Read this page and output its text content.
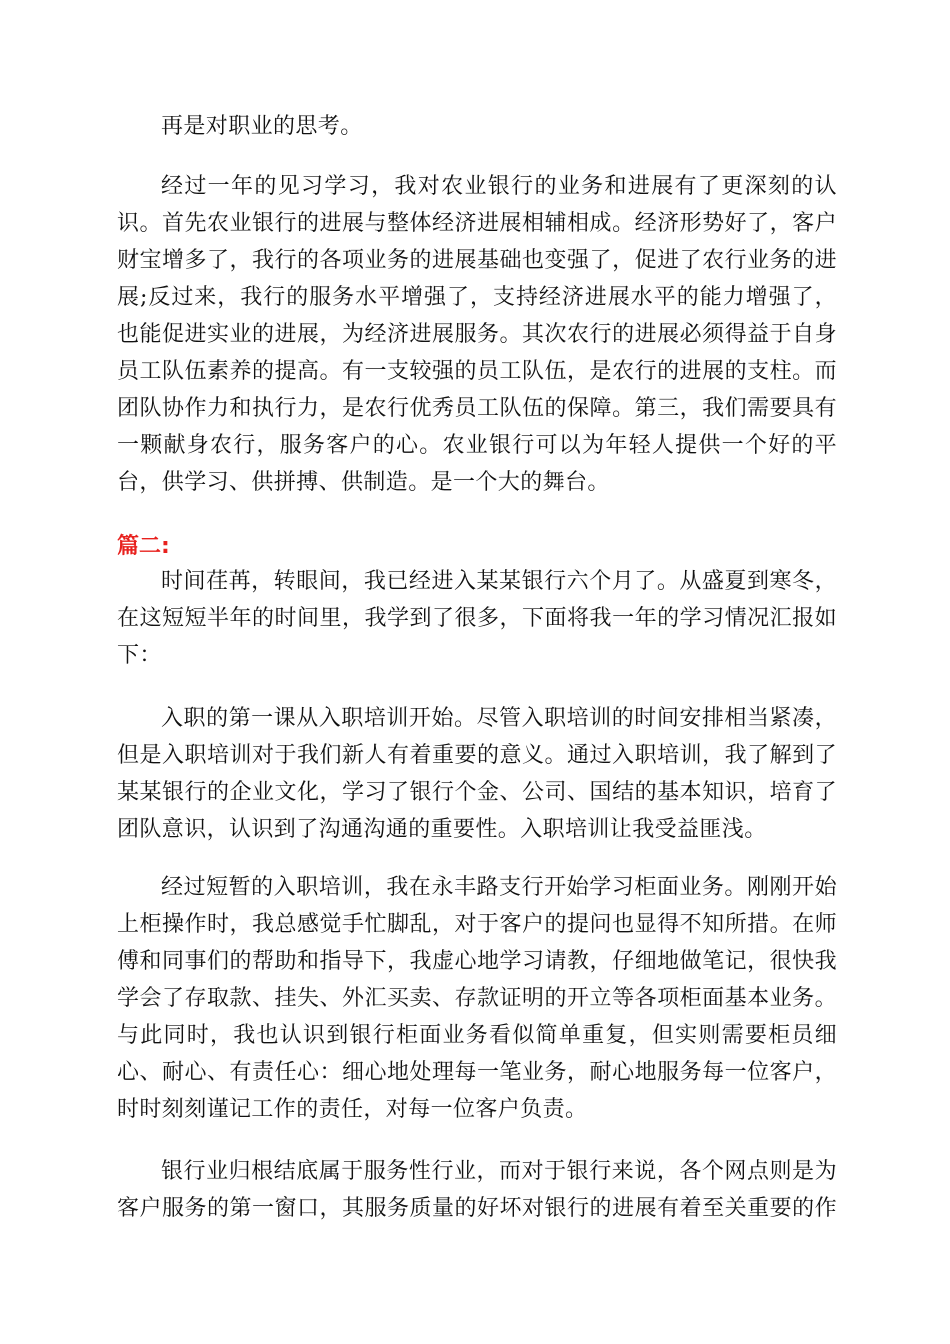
再是对职业的思考。
经过一年的见习学习，我对农业银行的业务和进展有了更深刻的认
识。首先农业银行的进展与整体经济进展相辅相成。经济形势好了，客户
财宝增多了，我行的各项业务的进展基础也变强了，促进了农行业务的进
展;反过来，我行的服务水平增强了，支持经济进展水平的能力增强了，
也能促进实业的进展，为经济进展服务。其次农行的进展必须得益于自身
员工队伍素养的提高。有一支较强的员工队伍，是农行的进展的支柱。而
团队协作力和执行力，是农行优秀员工队伍的保障。第三，我们需要具有
一颗献身农行，服务客户的心。农业银行可以为年轻人提供一个好的平
台，供学习、供拼搏、供制造。是一个大的舞台。
篇二:
时间荏苒，转眼间，我已经进入某某银行六个月了。从盛夏到寒冬，
在这短短半年的时间里，我学到了很多，下面将我一年的学习情况汇报如
下：
入职的第一课从入职培训开始。尽管入职培训的时间安排相当紧凑，
但是入职培训对于我们新人有着重要的意义。通过入职培训，我了解到了
某某银行的企业文化，学习了银行个金、公司、国结的基本知识，培育了
团队意识，认识到了沟通沟通的重要性。入职培训让我受益匪浅。
经过短暂的入职培训，我在永丰路支行开始学习柜面业务。刚刚开始
上柜操作时，我总感觉手忙脚乱，对于客户的提问也显得不知所措。在师
傅和同事们的帮助和指导下，我虚心地学习请教，仔细地做笔记，很快我
学会了存取款、挂失、外汇买卖、存款证明的开立等各项柜面基本业务。
与此同时，我也认识到银行柜面业务看似简单重复，但实则需要柜员细
心、耐心、有责任心：细心地处理每一笔业务，耐心地服务每一位客户，
时时刻刻谨记工作的责任，对每一位客户负责。
银行业归根结底属于服务性行业，而对于银行来说，各个网点则是为
客户服务的第一窗口，其服务质量的好坏对银行的进展有着至关重要的作
